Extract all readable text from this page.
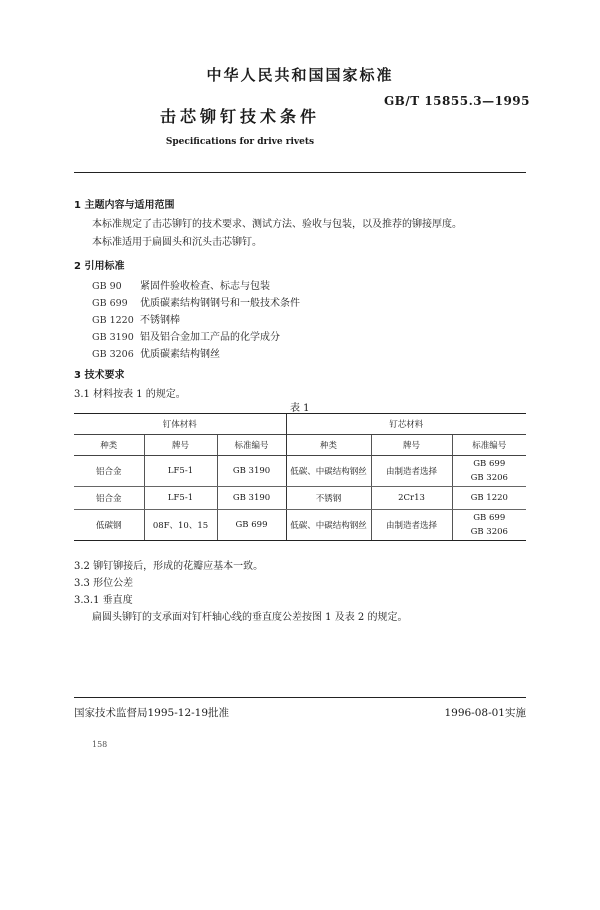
中华人民共和国国家标准
GB/T 15855.3—1995
击芯铆钉技术条件
Specifications for drive rivets
1 主题内容与适用范围
本标准规定了击芯铆钉的技术要求、测试方法、验收与包装，以及推荐的铆接厚度。
本标准适用于扁圆头和沉头击芯铆钉。
2 引用标准
GB 90 紧固件验收检查、标志与包装
GB 699 优质碳素结构钢钢号和一般技术条件
GB 1220 不锈钢棒
GB 3190 铝及铝合金加工产品的化学成分
GB 3206 优质碳素结构钢丝
3 技术要求
3.1 材料按表 1 的规定。
表 1
钉体材料			钉芯材料		
种类	牌号	标准编号	种类	牌号	标准编号
铝合金	LF5-1	GB 3190	低碳、中碳结构钢丝	由制造者选择	GB 699
GB 3206

铝合金	LF5-1	GB 3190	不锈钢	2Cr13	GB 1220
低碳钢	08F、10、15	GB 699	低碳、中碳结构钢丝	由制造者选择	GB 699
GB 3206
3.2 铆钉铆接后，形成的花瓣应基本一致。
3.3 形位公差
3.3.1 垂直度
扁圆头铆钉的支承面对钉杆轴心线的垂直度公差按图 1 及表 2 的规定。
国家技术监督局1995-12-19批准	1996-08-01实施
158
